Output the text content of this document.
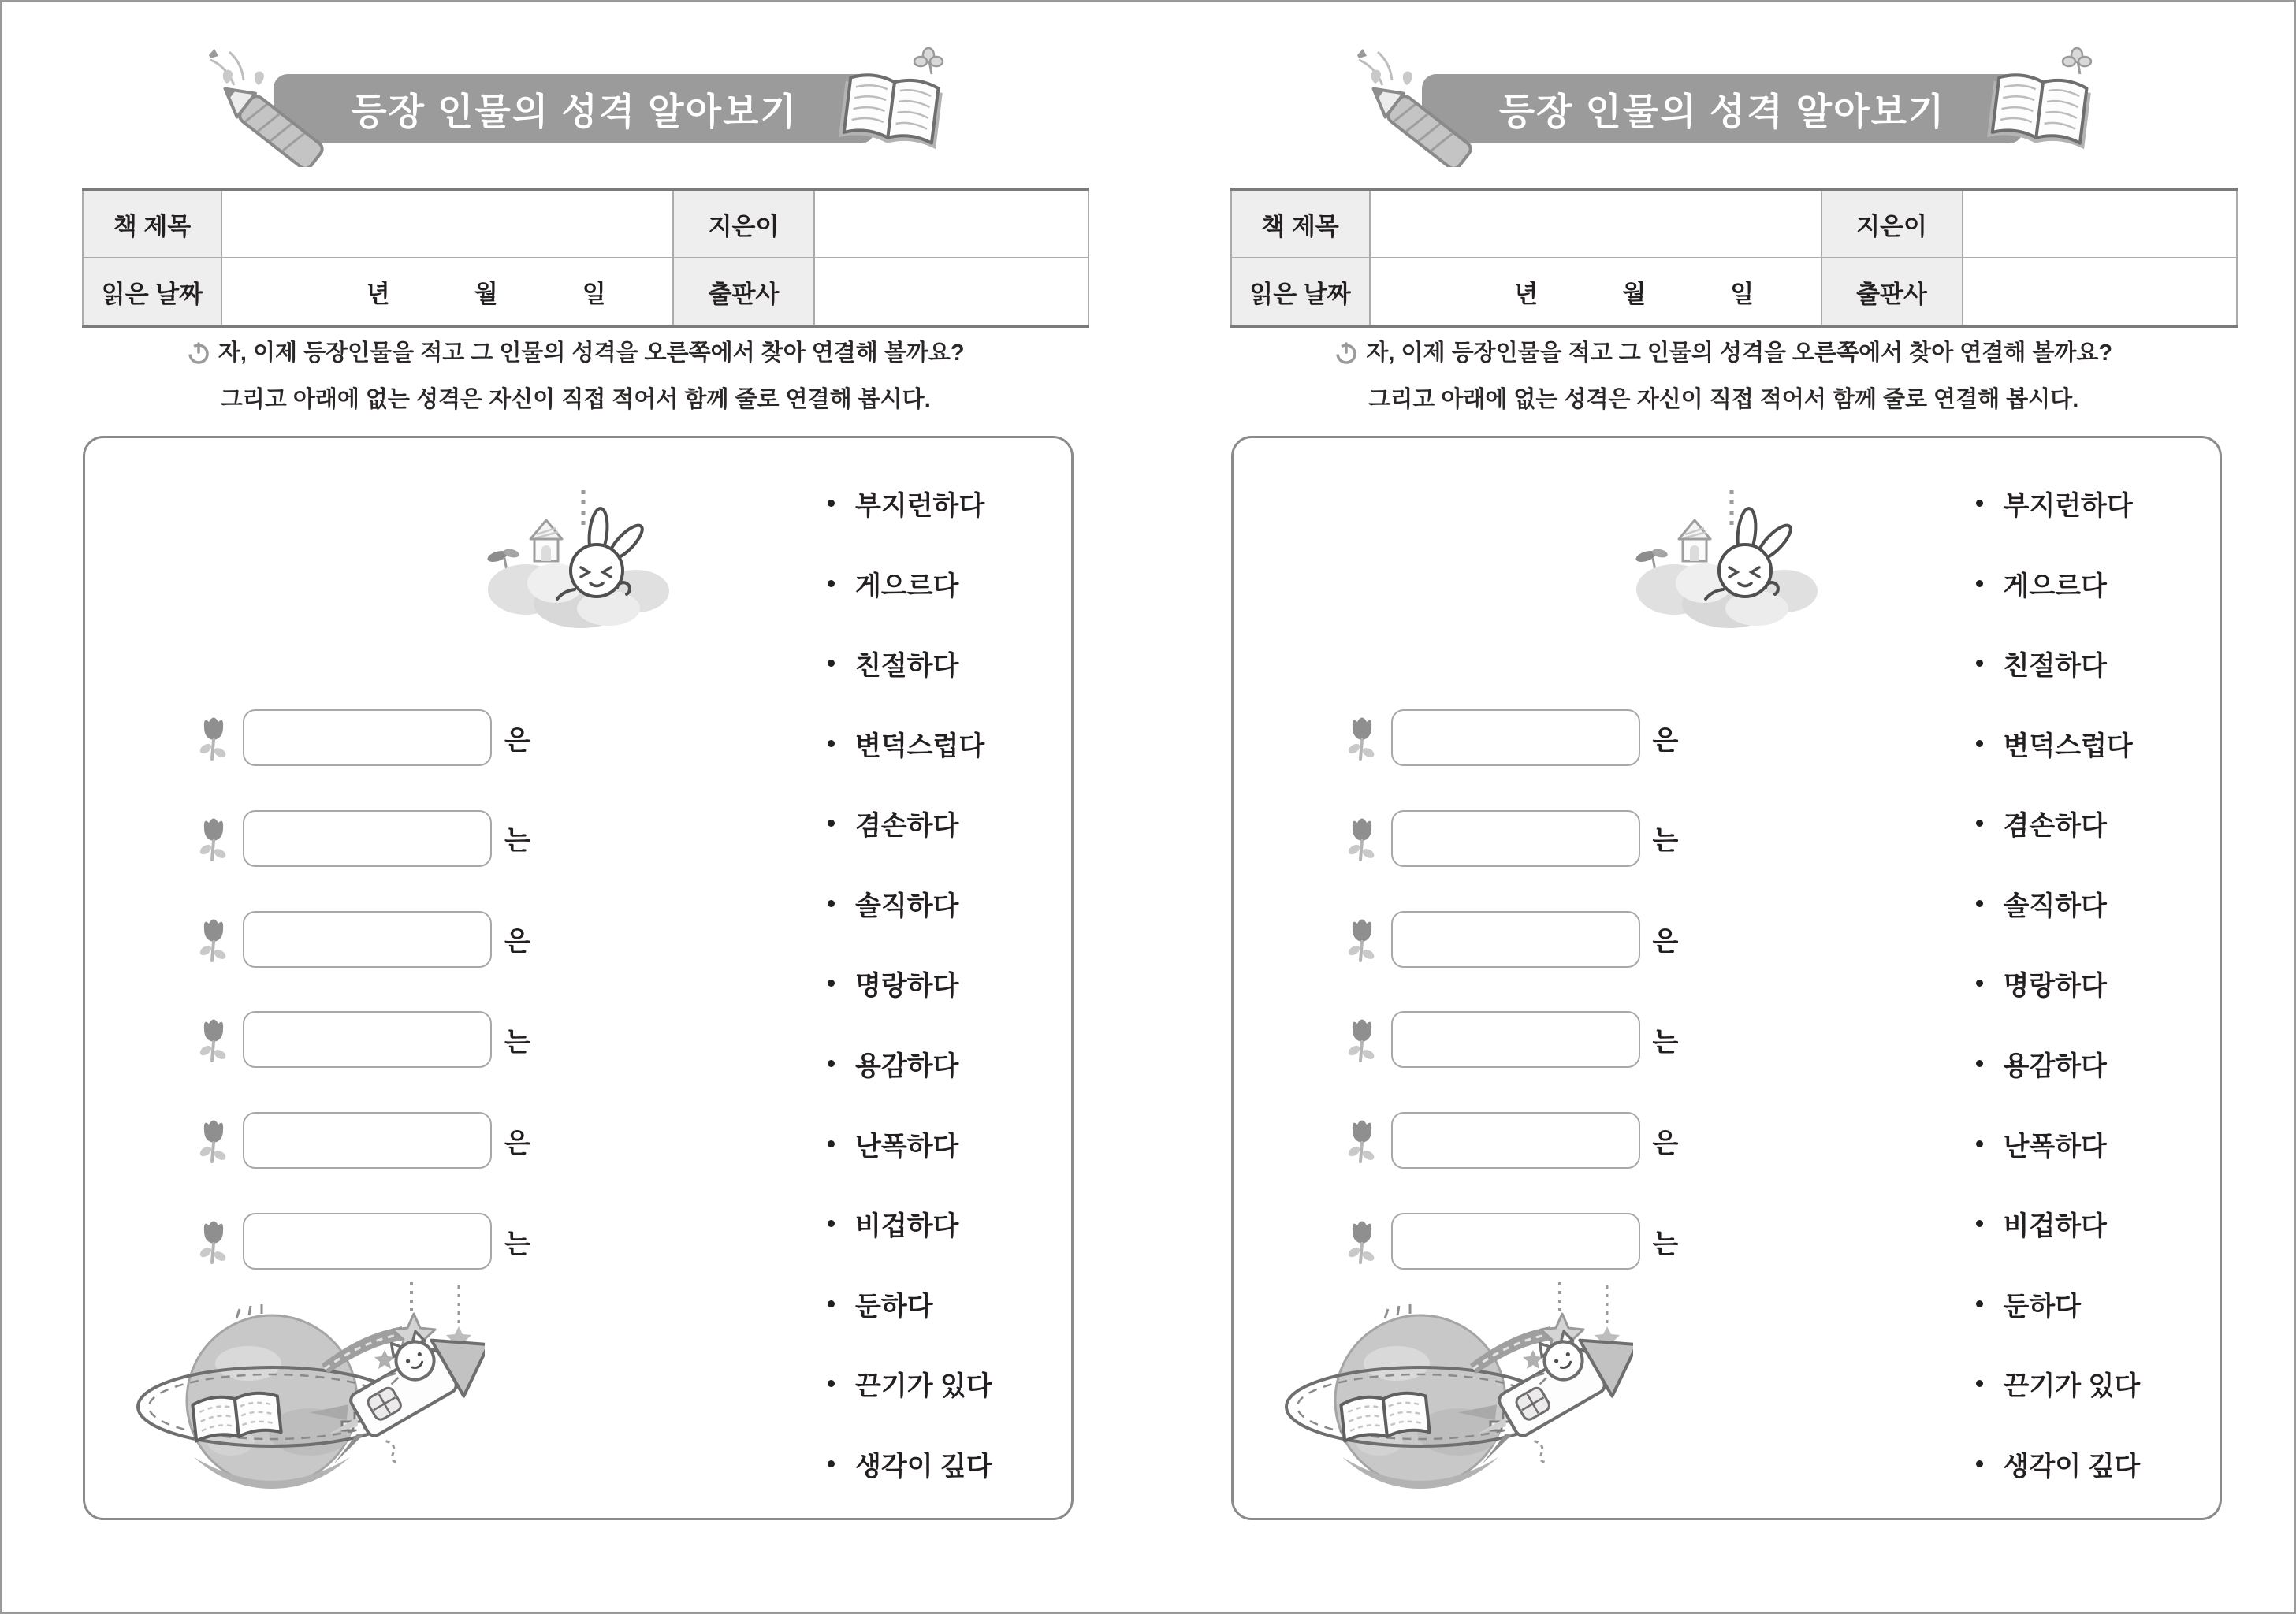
등장 인물의 성격 알아보기
책 제목		지은이	
읽은 날짜	년 월 일	출판사	
자, 이제 등장인물을 적고 그 인물의 성격을 오른쪽에서 찾아 연결해 볼까요?
그리고 아래에 없는 성격은 자신이 직접 적어서 함께 줄로 연결해 봅시다.
은
는
은
는
은
는
부지런하다
게으르다
친절하다
변덕스럽다
겸손하다
솔직하다
명랑하다
용감하다
난폭하다
비겁하다
둔하다
끈기가 있다
생각이 깊다
등장 인물의 성격 알아보기
책 제목		지은이	
읽은 날짜	년 월 일	출판사	
자, 이제 등장인물을 적고 그 인물의 성격을 오른쪽에서 찾아 연결해 볼까요?
그리고 아래에 없는 성격은 자신이 직접 적어서 함께 줄로 연결해 봅시다.
은
는
은
는
은
는
부지런하다
게으르다
친절하다
변덕스럽다
겸손하다
솔직하다
명랑하다
용감하다
난폭하다
비겁하다
둔하다
끈기가 있다
생각이 깊다
